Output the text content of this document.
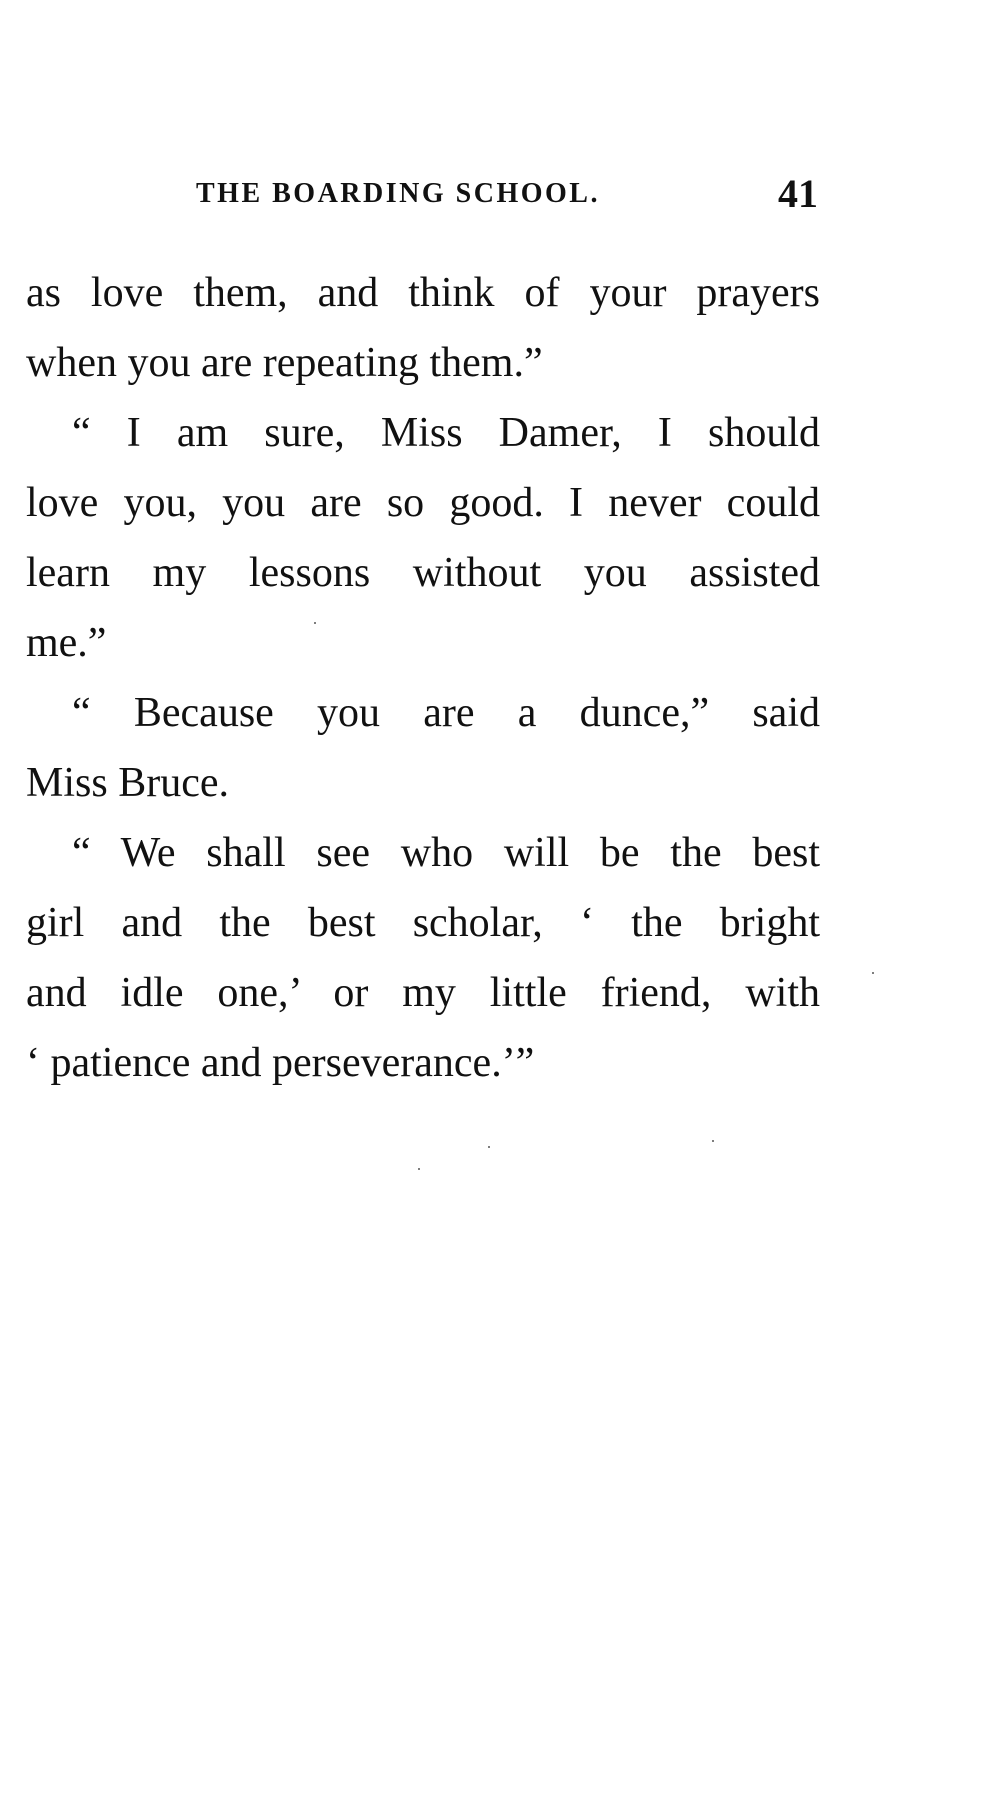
THE BOARDING SCHOOL.	41
as love them, and think of your prayers
when you are repeating them.”
“ I am sure, Miss Damer, I should
love you, you are so good. I never could
learn my lessons without you assisted
me.”
“ Because you are a dunce,” said
Miss Bruce.
“ We shall see who will be the best
girl and the best scholar, ‘ the bright
and idle one,’ or my little friend, with
‘ patience and perseverance.’”
